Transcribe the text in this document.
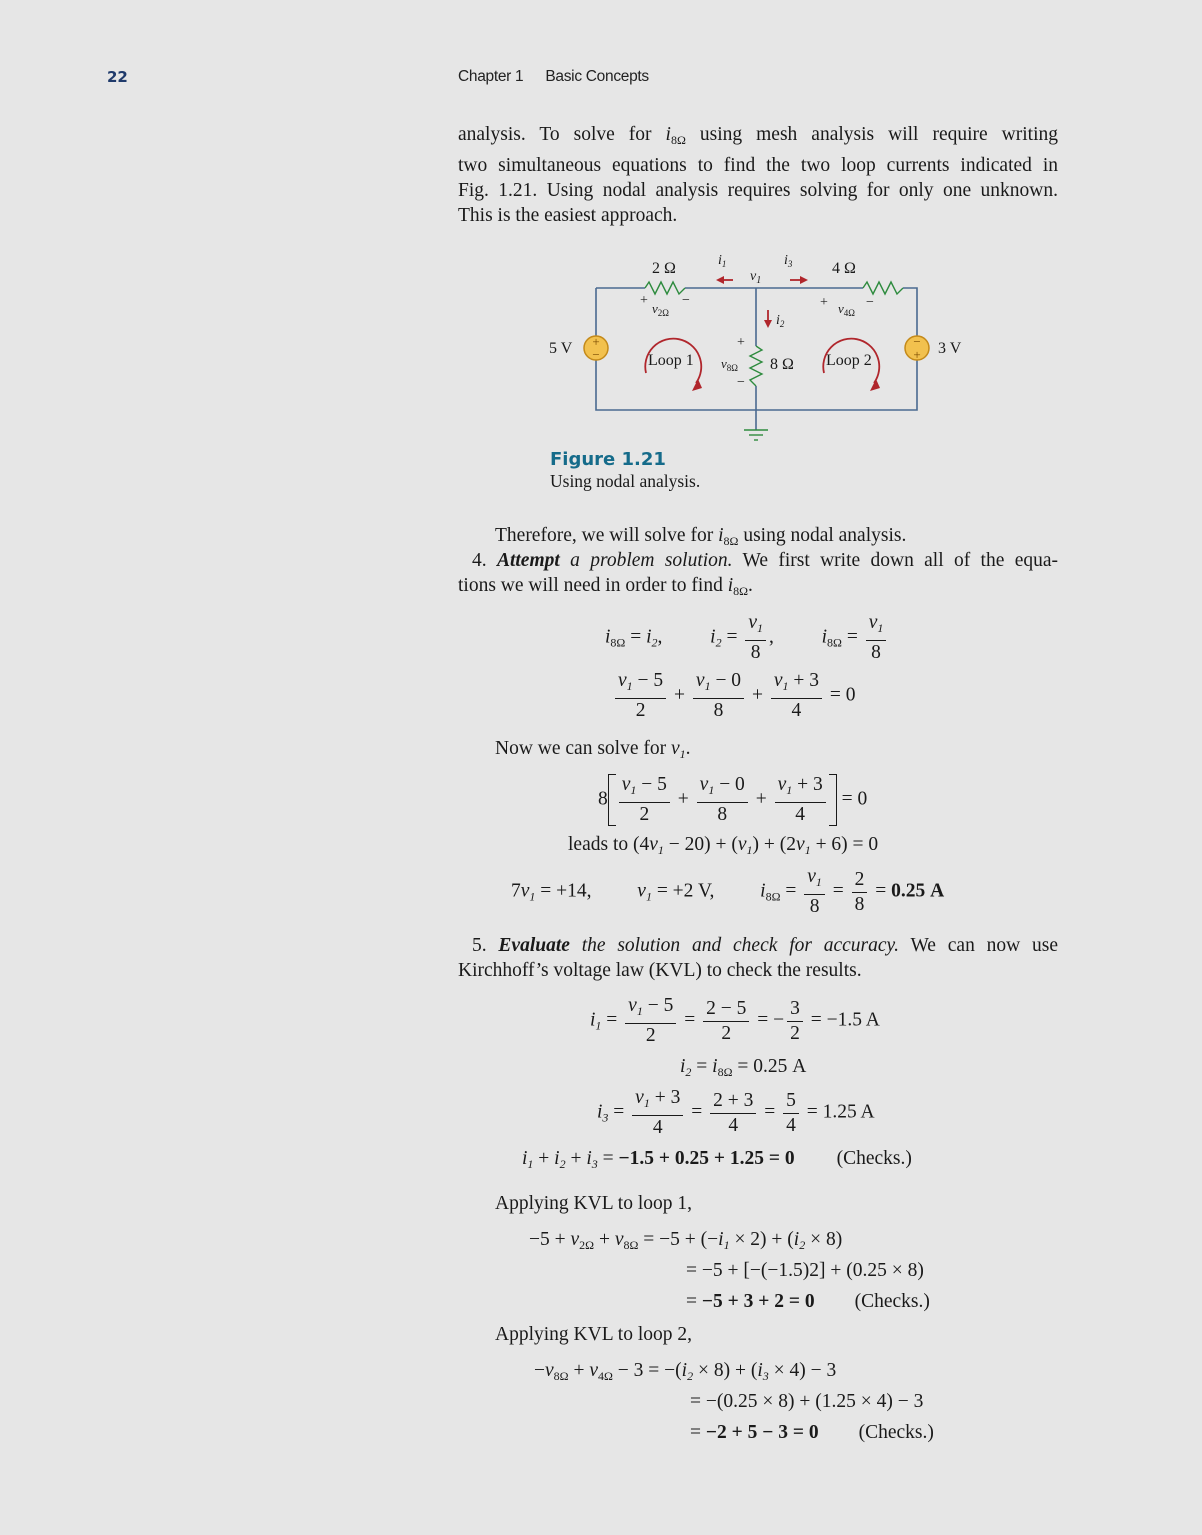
22	Chapter 1 Basic Concepts
analysis. To solve for $i_{8\Omega}$ using mesh analysis will require writing
two simultaneous equations to find the two loop currents indicated in
Fig. 1.21. Using nodal analysis requires solving for only one unknown.
This is the easiest approach.
+
−
−
+
5 V	3 V
2 Ω	4 Ω
8 Ω
$v_1$
+
$v_{2\Omega}$
−	+ $v_{4\Omega}$
−
+
$v_{8\Omega}$
−
$i_1$	$i_3$
$i_2$
Loop 1	Loop 2
Figure 1.21
Using nodal analysis.
Therefore, we will solve for $i_{8\Omega}$ using nodal analysis.
4. Attempt a problem solution. We first write down all of the equa-
tions we will need in order to find $i_{8\Omega}$.
$i_{8\Omega} = i_2$,  $i_2 = \frac{v_1}{8}$ ,  $i_{8\Omega} = \frac{v_1}{8}$
$\frac{v_1 - 5}{2} + \frac{v_1 - 0}{8} + \frac{v_1 + 3}{4} = 0$
Now we can solve for $v_1$.
$8 \frac{v_1 - 5}{2} + \frac{v_1 - 0}{8} + \frac{v_1 + 3}{4} = 0$
leads to $(4v_1 - 20) + (v_1) + (2v_1 + 6) = 0$
$7v_1 = +14$,  $v_1 = +2$ V,  $i_{8\Omega} = \frac{v_1}{8} = \frac{2}{8} = 0.25$ A
5. Evaluate the solution and check for accuracy. We can now use
Kirchhoff’s voltage law (KVL) to check the results.
$i_1 = \frac{v_1 - 5}{2} = \frac{2 - 5}{2}$ = − $\frac{3}{2} = -1.5$ A
$i_2 = i_{8\Omega} = 0.25$ A
$i_3 = \frac{v_1 + 3}{4} = \frac{2 + 3}{4} = \frac{5}{4} = 1.25$ A
$i_1 + i_2 + i_3 = -1.5 + 0.25 + 1.25 = 0$ (Checks.)
Applying KVL to loop 1,
$-5 + v_{2\Omega} + v_{8\Omega} = -5 + (-i_1 \times 2) + (i_2 \times 8)$
= −5 + [−(−1.5)2] + (0.25 × 8)
= −5 + 3 + 2 = 0 (Checks.)
Applying KVL to loop 2,
$-v_{8\Omega} + v_{4\Omega} - 3 = -(i_2 \times 8) + (i_3 \times 4) - 3$
= −(0.25 × 8) + (1.25 × 4) − 3
= −2 + 5 − 3 = 0 (Checks.)
